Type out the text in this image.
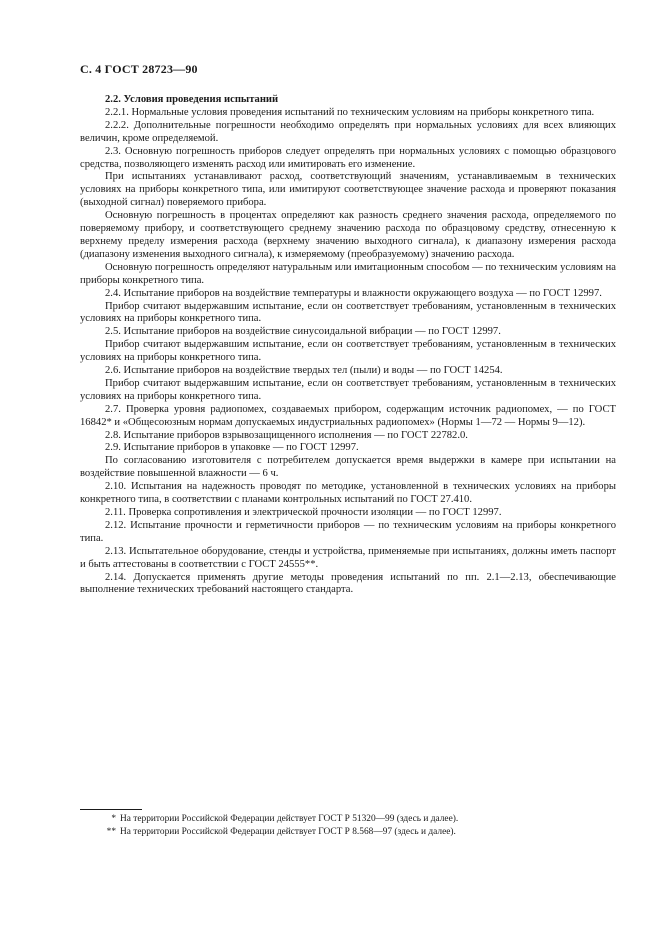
С. 4 ГОСТ 28723—90

2.2. Условия проведения испытаний

2.2.1. Нормальные условия проведения испытаний по техническим условиям на приборы конкретного типа.

2.2.2. Дополнительные погрешности необходимо определять при нормальных условиях для всех влияющих величин, кроме определяемой.

2.3. Основную погрешность приборов следует определять при нормальных условиях с помощью образцового средства, позволяющего изменять расход или имитировать его изменение.

При испытаниях устанавливают расход, соответствующий значениям, устанавливаемым в технических условиях на приборы конкретного типа, или имитируют соответствующее значение расхода и проверяют показания (выходной сигнал) поверяемого прибора.

Основную погрешность в процентах определяют как разность среднего значения расхода, определяемого по поверяемому прибору, и соответствующего среднему значению расхода по образцовому средству, отнесенную к верхнему пределу измерения расхода (верхнему значению выходного сигнала), к диапазону измерения расхода (диапазону изменения выходного сигнала), к измеряемому (преобразуемому) значению расхода.

Основную погрешность определяют натуральным или имитационным способом — по техническим условиям на приборы конкретного типа.

2.4. Испытание приборов на воздействие температуры и влажности окружающего воздуха — по ГОСТ 12997.

Прибор считают выдержавшим испытание, если он соответствует требованиям, установленным в технических условиях на приборы конкретного типа.

2.5. Испытание приборов на воздействие синусоидальной вибрации — по ГОСТ 12997.

Прибор считают выдержавшим испытание, если он соответствует требованиям, установленным в технических условиях на приборы конкретного типа.

2.6. Испытание приборов на воздействие твердых тел (пыли) и воды — по ГОСТ 14254.

Прибор считают выдержавшим испытание, если он соответствует требованиям, установленным в технических условиях на приборы конкретного типа.

2.7. Проверка уровня радиопомех, создаваемых прибором, содержащим источник радиопомех, — по ГОСТ 16842* и «Общесоюзным нормам допускаемых индустриальных радиопомех» (Нормы 1—72 — Нормы 9—12).

2.8. Испытание приборов взрывозащищенного исполнения — по ГОСТ 22782.0.

2.9. Испытание приборов в упаковке — по ГОСТ 12997.

По согласованию изготовителя с потребителем допускается время выдержки в камере при испытании на воздействие повышенной влажности — 6 ч.

2.10. Испытания на надежность проводят по методике, установленной в технических условиях на приборы конкретного типа, в соответствии с планами контрольных испытаний по ГОСТ 27.410.

2.11. Проверка сопротивления и электрической прочности изоляции — по ГОСТ 12997.

2.12. Испытание прочности и герметичности приборов — по техническим условиям на приборы конкретного типа.

2.13. Испытательное оборудование, стенды и устройства, применяемые при испытаниях, должны иметь паспорт и быть аттестованы в соответствии с ГОСТ 24555**.

2.14. Допускается применять другие методы проведения испытаний по пп. 2.1—2.13, обеспечивающие выполнение технических требований настоящего стандарта.

* На территории Российской Федерации действует ГОСТ Р 51320—99 (здесь и далее).
** На территории Российской Федерации действует ГОСТ Р 8.568—97 (здесь и далее).
